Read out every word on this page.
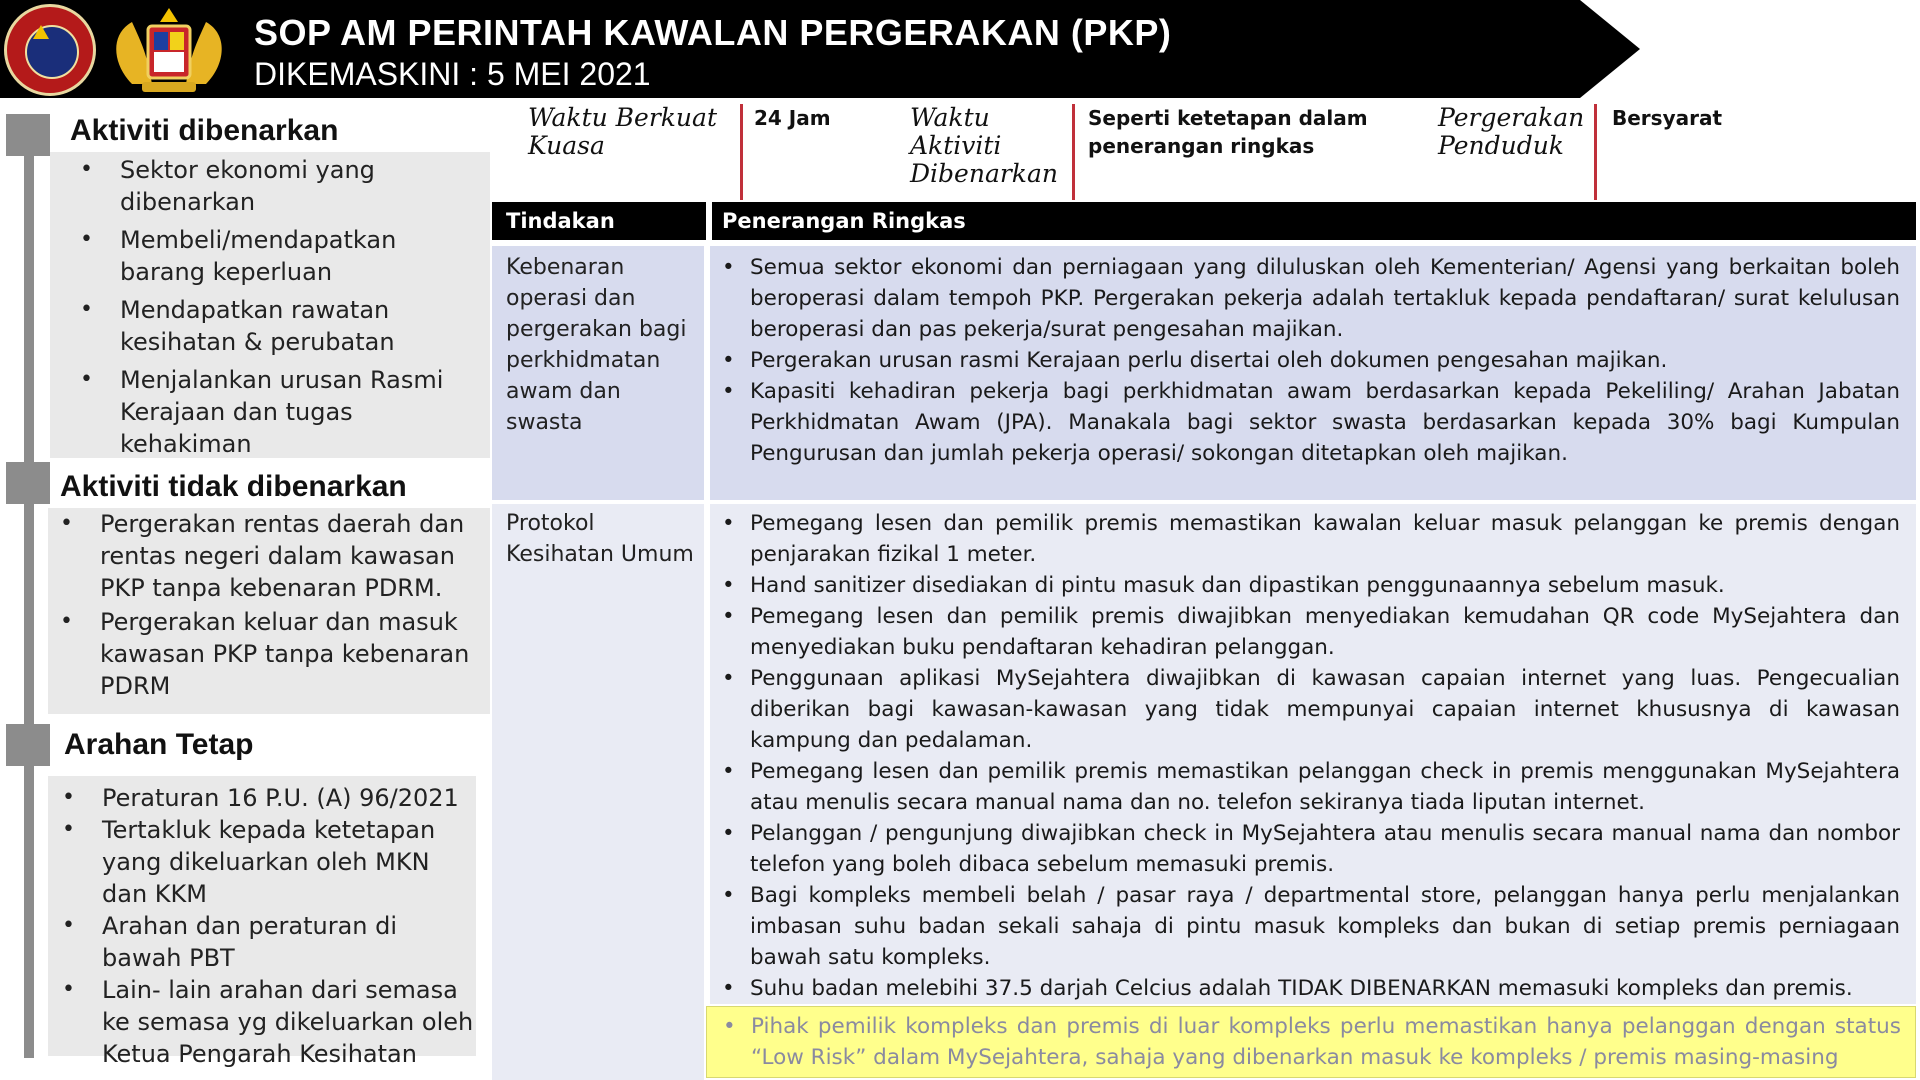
SOP AM PERINTAH KAWALAN PERGERAKAN (PKP)
DIKEMASKINI : 5 MEI 2021
Aktiviti dibenarkan
• Sektor ekonomi yang dibenarkan
• Membeli/mendapatkan barang keperluan
• Mendapatkan rawatan kesihatan & perubatan
• Menjalankan urusan Rasmi Kerajaan dan tugas kehakiman
Aktiviti tidak dibenarkan
• Pergerakan rentas daerah dan rentas negeri dalam kawasan PKP tanpa kebenaran PDRM.
• Pergerakan keluar dan masuk kawasan PKP tanpa kebenaran PDRM
Arahan Tetap
• Peraturan 16 P.U. (A) 96/2021
• Tertakluk kepada ketetapan yang dikeluarkan oleh MKN dan KKM
• Arahan dan peraturan di bawah PBT
• Lain- lain arahan dari semasa ke semasa yg dikeluarkan oleh Ketua Pengarah Kesihatan
Waktu Berkuat Kuasa
24 Jam	Waktu Aktiviti Dibenarkan
Seperti ketetapan dalam penerangan ringkas
Pergerakan Penduduk
Bersyarat
Tindakan	Penerangan Ringkas
Kebenaran operasi dan pergerakan bagi perkhidmatan awam dan swasta
• Semua sektor ekonomi dan perniagaan yang diluluskan oleh Kementerian/ Agensi yang berkaitan boleh beroperasi dalam tempoh PKP. Pergerakan pekerja adalah tertakluk kepada pendaftaran/ surat kelulusan beroperasi dan pas pekerja/surat pengesahan majikan.
• Pergerakan urusan rasmi Kerajaan perlu disertai oleh dokumen pengesahan majikan.
• Kapasiti kehadiran pekerja bagi perkhidmatan awam berdasarkan kepada Pekeliling/ Arahan Jabatan Perkhidmatan Awam (JPA). Manakala bagi sektor swasta berdasarkan kepada 30% bagi Kumpulan Pengurusan dan jumlah pekerja operasi/ sokongan ditetapkan oleh majikan.
Protokol Kesihatan Umum
• Pemegang lesen dan pemilik premis memastikan kawalan keluar masuk pelanggan ke premis dengan penjarakan fizikal 1 meter.
• Hand sanitizer disediakan di pintu masuk dan dipastikan penggunaannya sebelum masuk.
• Pemegang lesen dan pemilik premis diwajibkan menyediakan kemudahan QR code MySejahtera dan menyediakan buku pendaftaran kehadiran pelanggan.
• Penggunaan aplikasi MySejahtera diwajibkan di kawasan capaian internet yang luas. Pengecualian diberikan bagi kawasan-kawasan yang tidak mempunyai capaian internet khususnya di kawasan kampung dan pedalaman.
• Pemegang lesen dan pemilik premis memastikan pelanggan check in premis menggunakan MySejahtera atau menulis secara manual nama dan no. telefon sekiranya tiada liputan internet.
• Pelanggan / pengunjung diwajibkan check in MySejahtera atau menulis secara manual nama dan nombor telefon yang boleh dibaca sebelum memasuki premis.
• Bagi kompleks membeli belah / pasar raya / departmental store, pelanggan hanya perlu menjalankan imbasan suhu badan sekali sahaja di pintu masuk kompleks dan bukan di setiap premis perniagaan bawah satu kompleks.
• Suhu badan melebihi 37.5 darjah Celcius adalah TIDAK DIBENARKAN memasuki kompleks dan premis.
• Pihak pemilik kompleks dan premis di luar kompleks perlu memastikan hanya pelanggan dengan status “Low Risk” dalam MySejahtera, sahaja yang dibenarkan masuk ke kompleks / premis masing-masing
